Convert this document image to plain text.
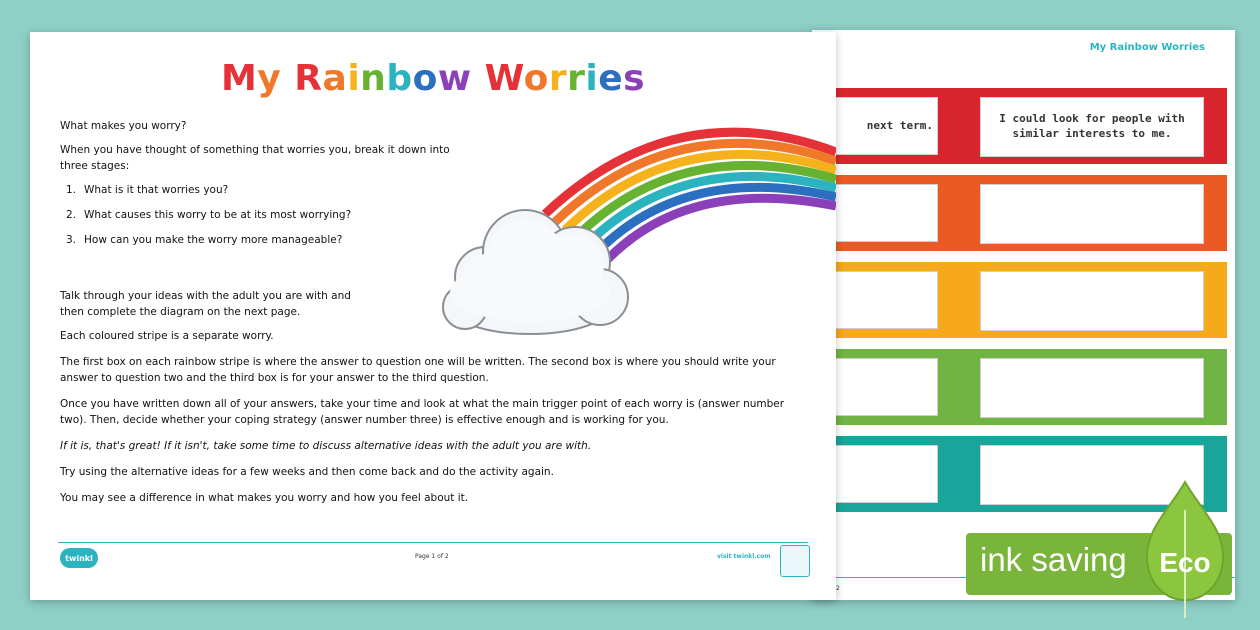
My Rainbow Worries
next term.	I could look for people with similar interests to me.
2
My Rainbow Worries
What makes you worry?
When you have thought of something that worries you, break it down into
three stages:
1. What is it that worries you?
2. What causes this worry to be at its most worrying?
3. How can you make the worry more manageable?
Talk through your ideas with the adult you are with and
then complete the diagram on the next page.
Each coloured stripe is a separate worry.
The first box on each rainbow stripe is where the answer to question one will be written. The second box is where you should write your
answer to question two and the third box is for your answer to the third question.
Once you have written down all of your answers, take your time and look at what the main trigger point of each worry is (answer number
two). Then, decide whether your coping strategy (answer number three) is effective enough and is working for you.
If it is, that's great! If it isn't, take some time to discuss alternative ideas with the adult you are with.
Try using the alternative ideas for a few weeks and then come back and do the activity again.
You may see a difference in what makes you worry and how you feel about it.
twinkl	Page 1 of 2	visit twinkl.com	ink saving Eco
